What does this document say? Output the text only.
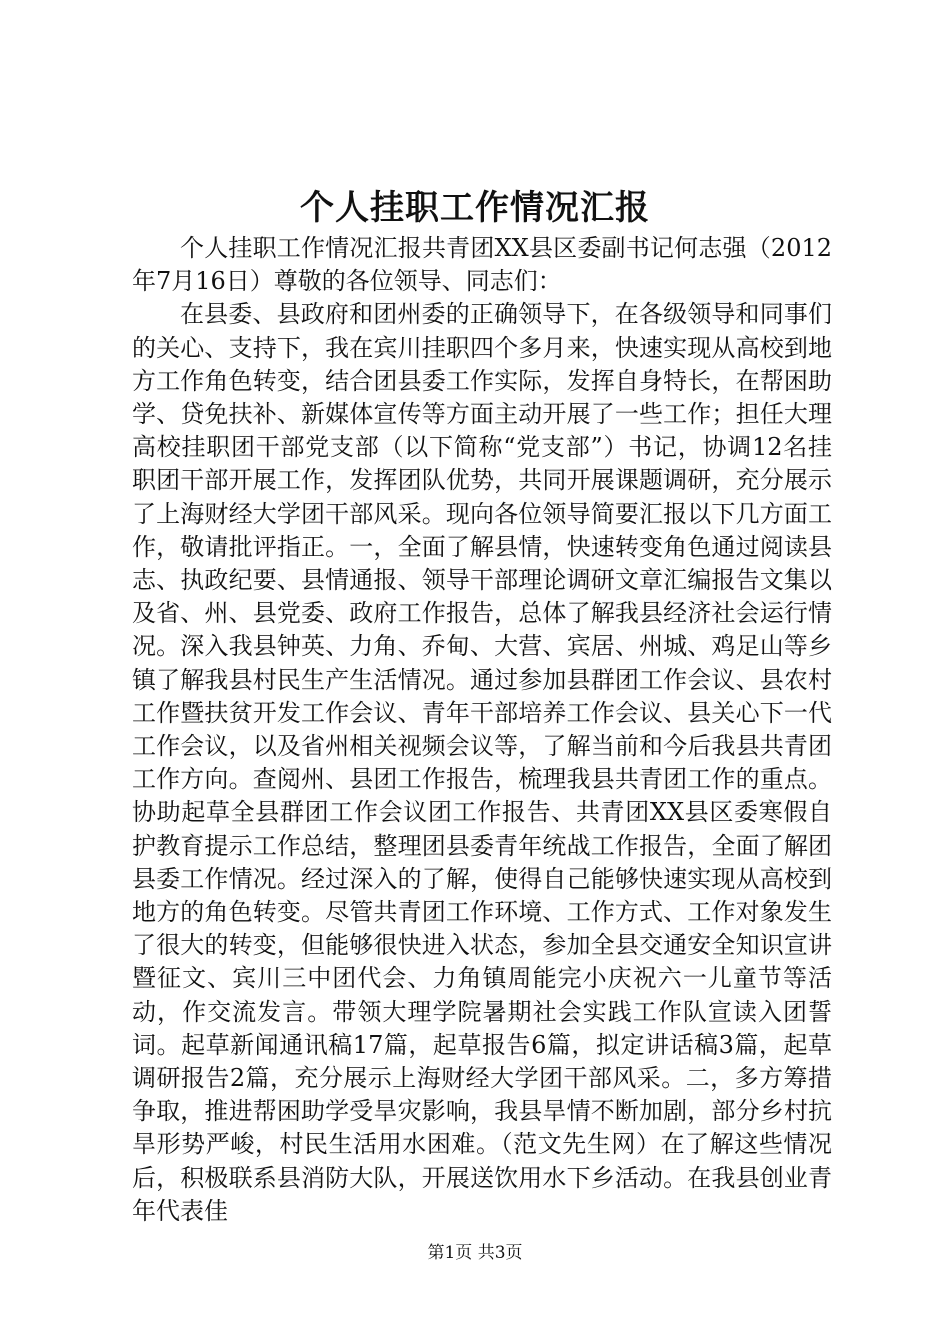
个人挂职工作情况汇报

个人挂职工作情况汇报共青团XX县区委副书记何志强（2012年7月16日）尊敬的各位领导、同志们：

在县委、县政府和团州委的正确领导下，在各级领导和同事们的关心、支持下，我在宾川挂职四个多月来，快速实现从高校到地方工作角色转变，结合团县委工作实际，发挥自身特长，在帮困助学、贷免扶补、新媒体宣传等方面主动开展了一些工作；担任大理高校挂职团干部党支部（以下简称“党支部”）书记，协调12名挂职团干部开展工作，发挥团队优势，共同开展课题调研，充分展示了上海财经大学团干部风采。现向各位领导简要汇报以下几方面工作，敬请批评指正。一，全面了解县情，快速转变角色通过阅读县志、执政纪要、县情通报、领导干部理论调研文章汇编报告文集以及省、州、县党委、政府工作报告，总体了解我县经济社会运行情况。深入我县钟英、力角、乔甸、大营、宾居、州城、鸡足山等乡镇了解我县村民生产生活情况。通过参加县群团工作会议、县农村工作暨扶贫开发工作会议、青年干部培养工作会议、县关心下一代工作会议，以及省州相关视频会议等，了解当前和今后我县共青团工作方向。查阅州、县团工作报告，梳理我县共青团工作的重点。协助起草全县群团工作会议团工作报告、共青团XX县区委寒假自护教育提示工作总结，整理团县委青年统战工作报告，全面了解团县委工作情况。经过深入的了解，使得自己能够快速实现从高校到地方的角色转变。尽管共青团工作环境、工作方式、工作对象发生了很大的转变，但能够很快进入状态，参加全县交通安全知识宣讲暨征文、宾川三中团代会、力角镇周能完小庆祝六一儿童节等活动，作交流发言。带领大理学院暑期社会实践工作队宣读入团誓词。起草新闻通讯稿17篇，起草报告6篇，拟定讲话稿3篇，起草调研报告2篇，充分展示上海财经大学团干部风采。二，多方筹措争取，推进帮困助学受旱灾影响，我县旱情不断加剧，部分乡村抗旱形势严峻，村民生活用水困难。（范文先生网）在了解这些情况后，积极联系县消防大队，开展送饮用水下乡活动。在我县创业青年代表佳

第1页 共3页
